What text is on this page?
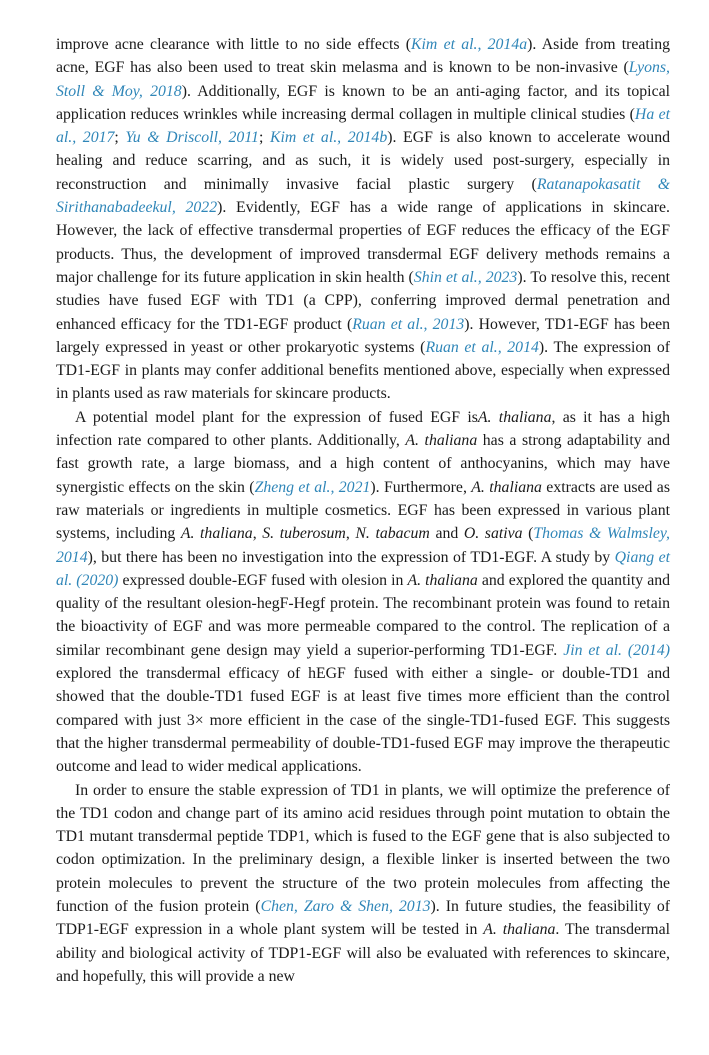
improve acne clearance with little to no side effects (Kim et al., 2014a). Aside from treating acne, EGF has also been used to treat skin melasma and is known to be non-invasive (Lyons, Stoll & Moy, 2018). Additionally, EGF is known to be an anti-aging factor, and its topical application reduces wrinkles while increasing dermal collagen in multiple clinical studies (Ha et al., 2017; Yu & Driscoll, 2011; Kim et al., 2014b). EGF is also known to accelerate wound healing and reduce scarring, and as such, it is widely used post-surgery, especially in reconstruction and minimally invasive facial plastic surgery (Ratanapokasatit & Sirithanabadeekul, 2022). Evidently, EGF has a wide range of applications in skincare. However, the lack of effective transdermal properties of EGF reduces the efficacy of the EGF products. Thus, the development of improved transdermal EGF delivery methods remains a major challenge for its future application in skin health (Shin et al., 2023). To resolve this, recent studies have fused EGF with TD1 (a CPP), conferring improved dermal penetration and enhanced efficacy for the TD1-EGF product (Ruan et al., 2013). However, TD1-EGF has been largely expressed in yeast or other prokaryotic systems (Ruan et al., 2014). The expression of TD1-EGF in plants may confer additional benefits mentioned above, especially when expressed in plants used as raw materials for skincare products.

A potential model plant for the expression of fused EGF isA. thaliana, as it has a high infection rate compared to other plants. Additionally, A. thaliana has a strong adaptability and fast growth rate, a large biomass, and a high content of anthocyanins, which may have synergistic effects on the skin (Zheng et al., 2021). Furthermore, A. thaliana extracts are used as raw materials or ingredients in multiple cosmetics. EGF has been expressed in various plant systems, including A. thaliana, S. tuberosum, N. tabacum and O. sativa (Thomas & Walmsley, 2014), but there has been no investigation into the expression of TD1-EGF. A study by Qiang et al. (2020) expressed double-EGF fused with olesion in A. thaliana and explored the quantity and quality of the resultant olesion-hegF-Hegf protein. The recombinant protein was found to retain the bioactivity of EGF and was more permeable compared to the control. The replication of a similar recombinant gene design may yield a superior-performing TD1-EGF. Jin et al. (2014) explored the transdermal efficacy of hEGF fused with either a single- or double-TD1 and showed that the double-TD1 fused EGF is at least five times more efficient than the control compared with just 3× more efficient in the case of the single-TD1-fused EGF. This suggests that the higher transdermal permeability of double-TD1-fused EGF may improve the therapeutic outcome and lead to wider medical applications.

In order to ensure the stable expression of TD1 in plants, we will optimize the preference of the TD1 codon and change part of its amino acid residues through point mutation to obtain the TD1 mutant transdermal peptide TDP1, which is fused to the EGF gene that is also subjected to codon optimization. In the preliminary design, a flexible linker is inserted between the two protein molecules to prevent the structure of the two protein molecules from affecting the function of the fusion protein (Chen, Zaro & Shen, 2013). In future studies, the feasibility of TDP1-EGF expression in a whole plant system will be tested in A. thaliana. The transdermal ability and biological activity of TDP1-EGF will also be evaluated with references to skincare, and hopefully, this will provide a new
